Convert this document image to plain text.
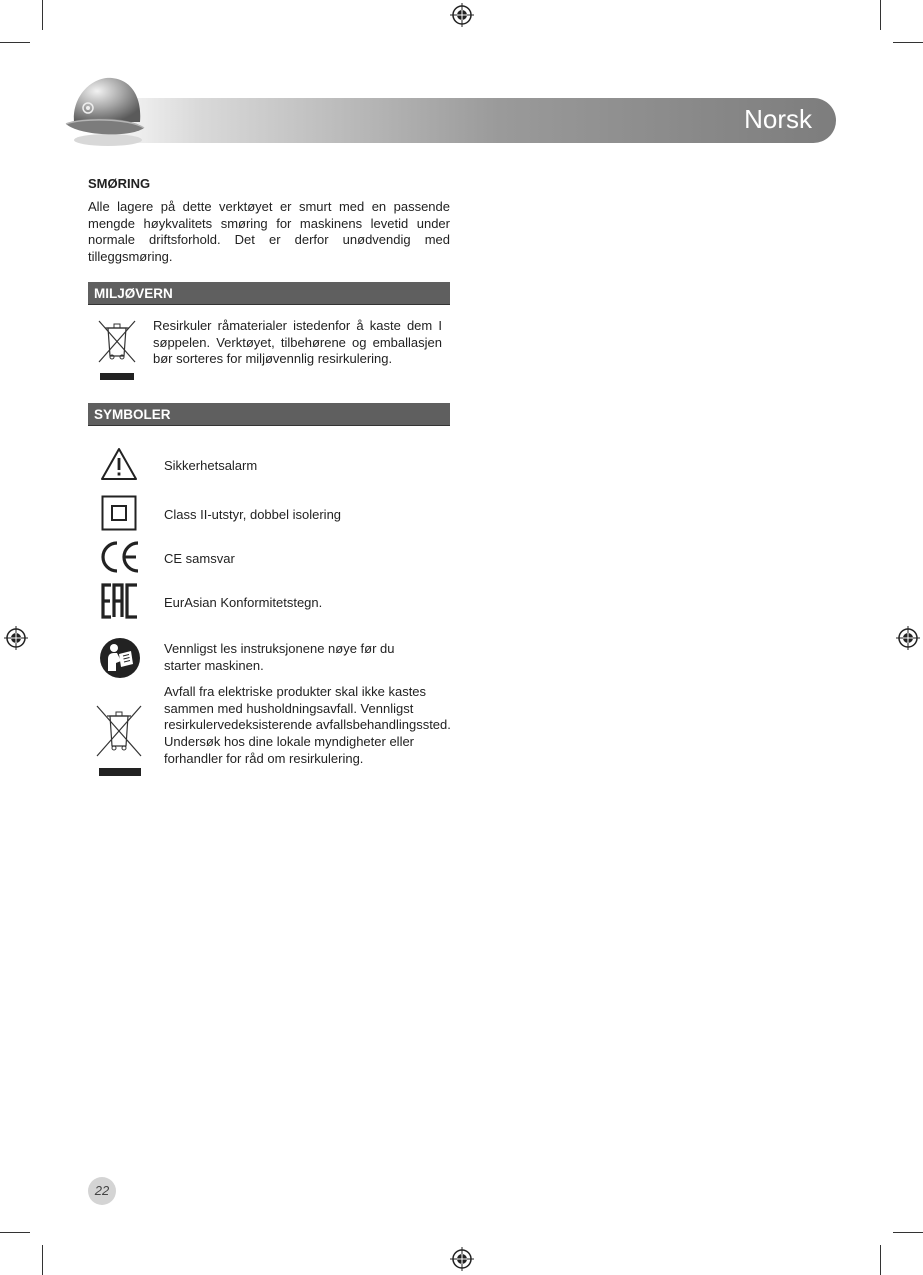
Norsk
SMØRING
Alle lagere på dette verktøyet er smurt med en passende mengde høykvalitets smøring for maskinens levetid under normale driftsforhold. Det er derfor unødvendig med tilleggsmøring.
MILJØVERN
Resirkuler råmaterialer istedenfor å kaste dem I søppelen. Verktøyet, tilbehørene og emballasjen bør sorteres for miljøvennlig resirkulering.
SYMBOLER
Sikkerhetsalarm
Class II-utstyr, dobbel isolering
CE samsvar
EurAsian Konformitetstegn.
Vennligst les instruksjonene nøye før du starter maskinen.
Avfall fra elektriske produkter skal ikke kastes sammen med husholdningsavfall. Vennligst resirkulervedeksisterende avfallsbehandlingssted. Undersøk hos dine lokale myndigheter eller forhandler for råd om resirkulering.
22
